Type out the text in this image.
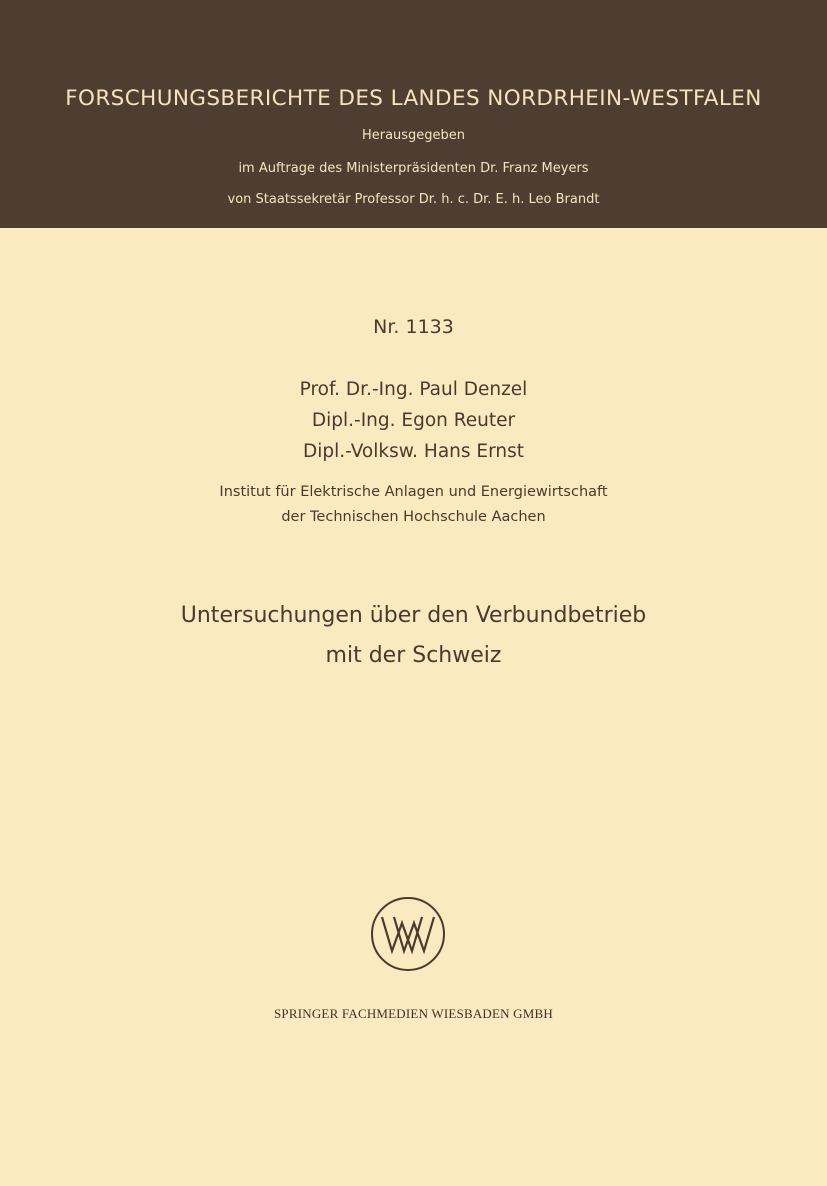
FORSCHUNGSBERICHTE DES LANDES NORDRHEIN-WESTFALEN
Herausgegeben
im Auftrage des Ministerpräsidenten Dr. Franz Meyers
von Staatssekretär Professor Dr. h. c. Dr. E. h. Leo Brandt
Nr. 1133
Prof. Dr.-Ing. Paul Denzel
Dipl.-Ing. Egon Reuter
Dipl.-Volksw. Hans Ernst
Institut für Elektrische Anlagen und Energiewirtschaft
der Technischen Hochschule Aachen
Untersuchungen über den Verbundbetrieb
mit der Schweiz
SPRINGER FACHMEDIEN WIESBADEN GMBH
